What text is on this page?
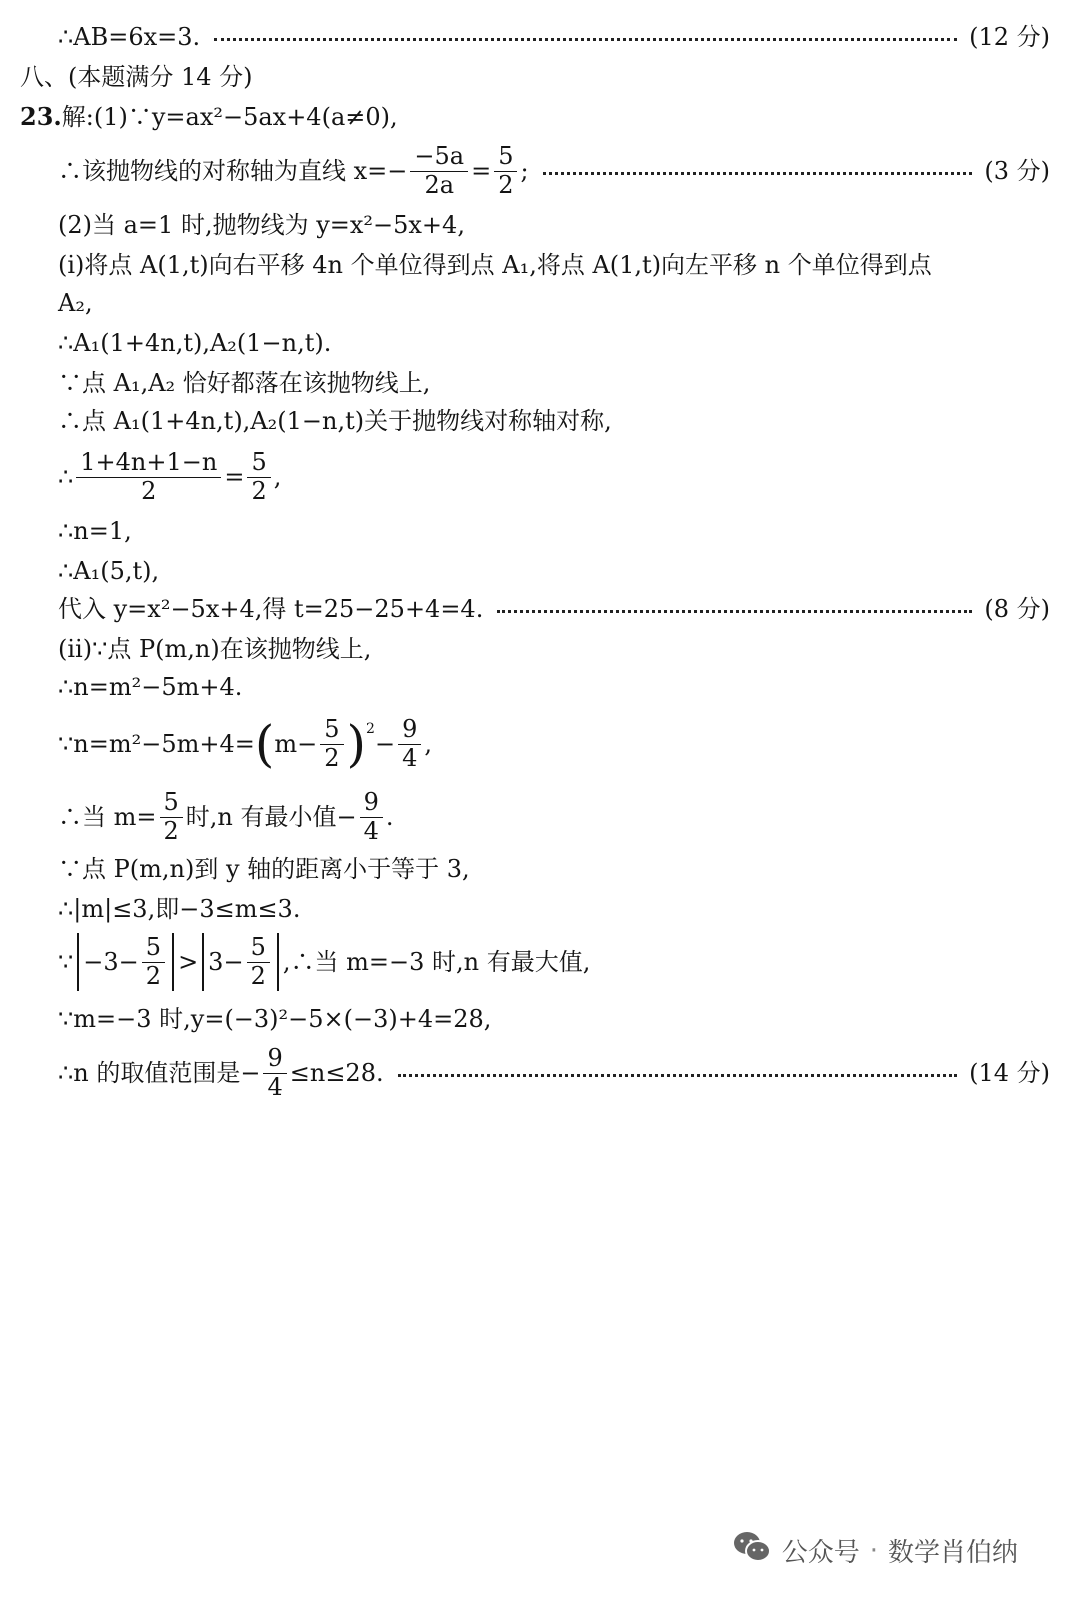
∴AB=6x=3.	(12 分)
八、(本题满分 14 分)
23. 解:(1)∵y=ax²−5ax+4(a≠0),
∴该抛物线的对称轴为直线 $x=- \frac{-5a}{2a} = \frac{5}{2}$ ;	(3 分)
(2)当 a=1 时,抛物线为 y=x²−5x+4,
(ⅰ)将点 A(1,t)向右平移 4n 个单位得到点 A₁,将点 A(1,t)向左平移 n 个单位得到点
A₂,
∴A₁(1+4n,t),A₂(1−n,t).
∵点 A₁,A₂ 恰好都落在该抛物线上,
∴点 A₁(1+4n,t),A₂(1−n,t)关于抛物线对称轴对称,
∴ $\frac{1+4n+1-n}{2} = \frac{5}{2}$ ,
∴n=1,
∴A₁(5,t),
代入 y=x²−5x+4,得 t=25−25+4=4.	(8 分)
(ⅱ)∵点 P(m,n)在该抛物线上,
∴n=m²−5m+4.
∵n=m²−5m+4= ( $m- \frac{5}{2} )^2$
− $\frac{9}{4}$ ,
∴当 $m= \frac{5}{2}$ 时,n 有最小值− $\frac{9}{4}$ .
∵点 P(m,n)到 y 轴的距离小于等于 3,
∴|m|≤3,即−3≤m≤3.
∵ $-3- \frac{5}{2} > 3- \frac{5}{2}$ ,∴当 m=−3 时,n 有最大值,
∵m=−3 时,y=(−3)²−5×(−3)+4=28,
∴n 的取值范围是− $\frac{9}{4} \le n\le 28$.	(14 分)
公众号 · 数学肖伯纳
